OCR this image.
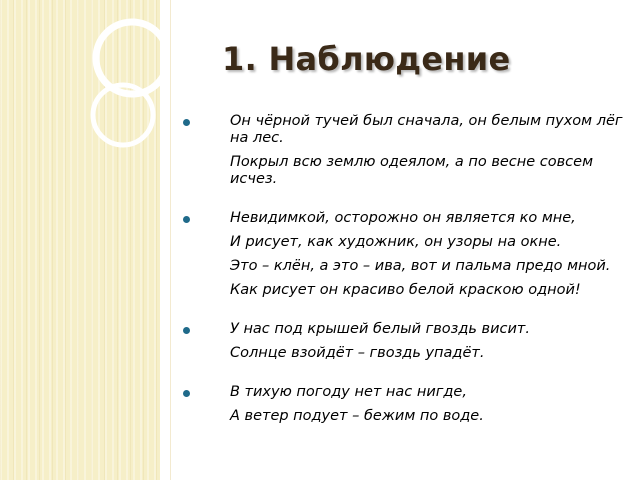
1. Наблюдение
Он чёрной тучей был сначала, он белым пухом лёг на лес.
Покрыл всю землю одеялом, а по весне совсем исчез.
Невидимкой, осторожно он является ко мне,
И рисует, как художник, он узоры на окне.
Это – клён, а это – ива, вот и пальма предо мной.
Как рисует он красиво белой краскою одной!
У нас под крышей белый гвоздь висит.
Солнце взойдёт – гвоздь упадёт.
В тихую погоду нет нас нигде,
А ветер подует – бежим по воде.
